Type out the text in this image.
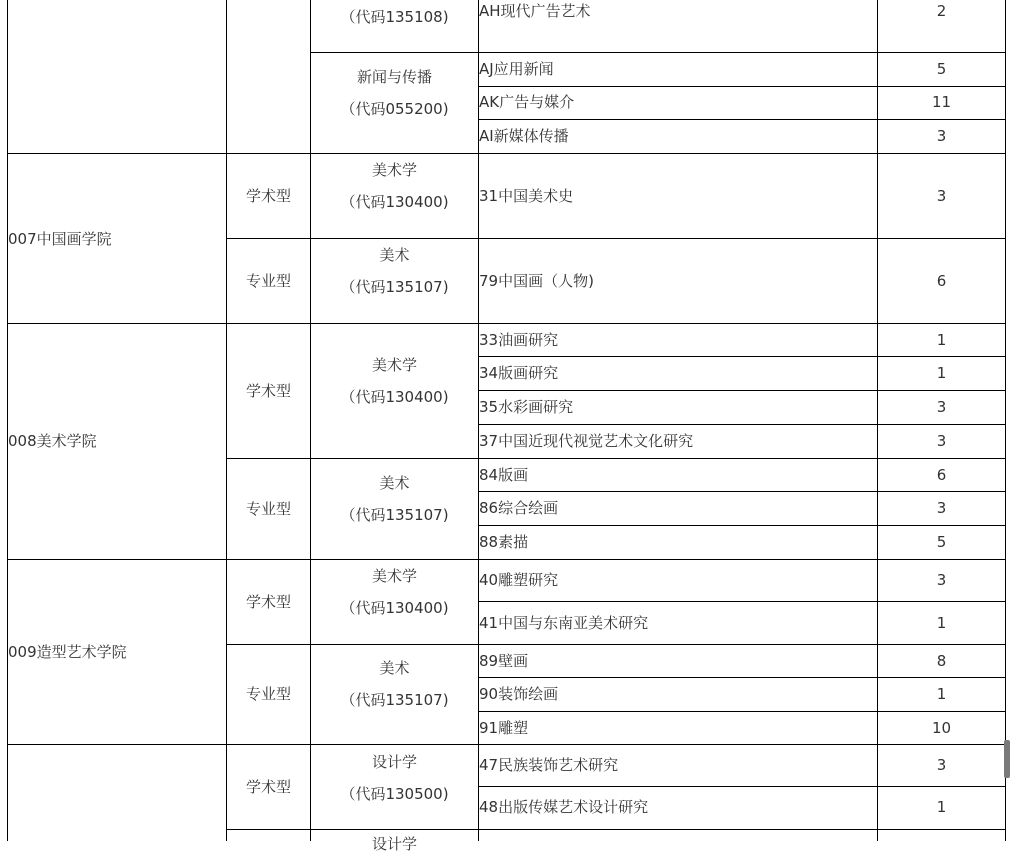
007中国画学院
008美术学院
009造型艺术学院
学术型
专业型
学术型
专业型
学术型
专业型
学术型
（代码135108)
新闻与传播
（代码055200)
美术学
（代码130400)
美术
（代码135107)
美术学
（代码130400)
美术
（代码135107)
美术学
（代码130400)
美术
（代码135107)
设计学
（代码130500)
设计学
AH现代广告艺术
AJ应用新闻
AK广告与媒介
AI新媒体传播
31中国美术史
79中国画（人物)
33油画研究
34版画研究
35水彩画研究
37中国近现代视觉艺术文化研究
84版画
86综合绘画
88素描
40雕塑研究
41中国与东南亚美术研究
89壁画
90装饰绘画
91雕塑
47民族装饰艺术研究
48出版传媒艺术设计研究
2
5
11
3
3
6
1
1
3
3
6
3
5
3
1
8
1
10
3
1
